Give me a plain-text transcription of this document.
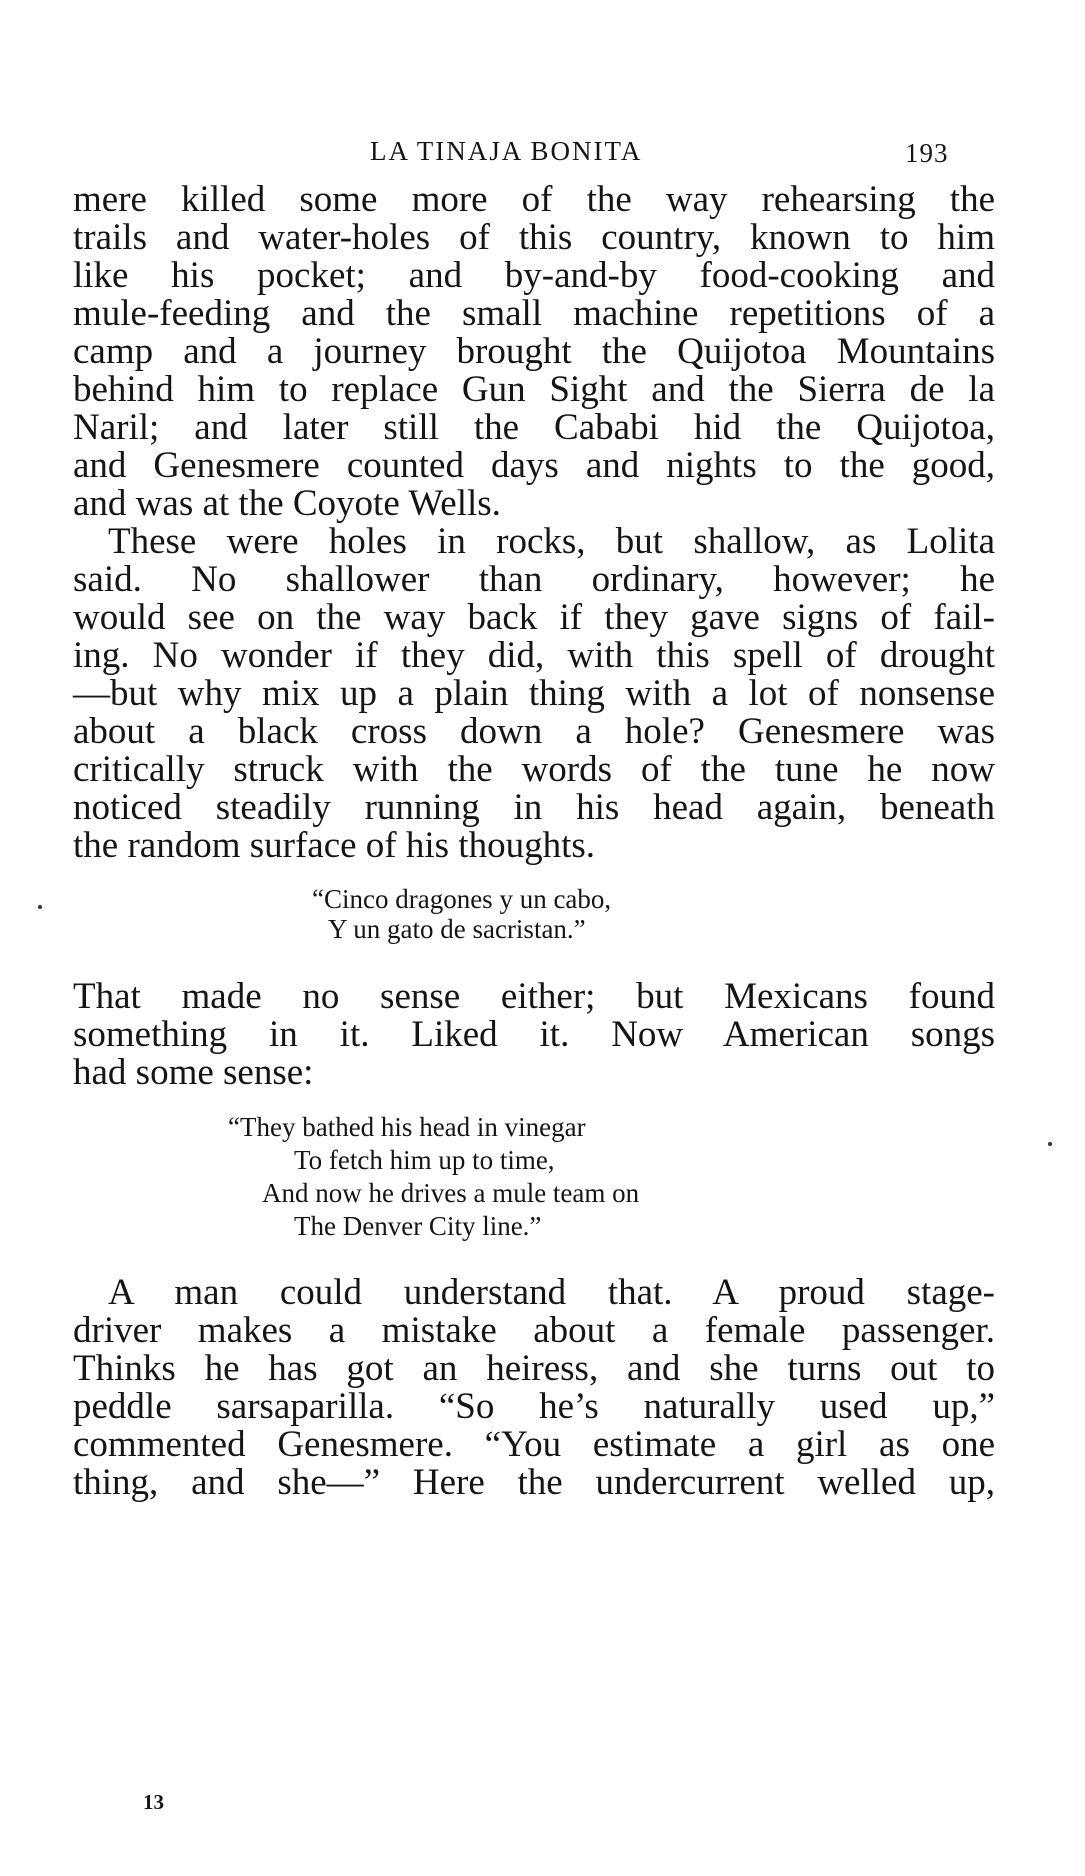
LA TINAJA BONITA	193
mere killed some more of the way rehearsing the
trails and water-holes of this country, known to him
like his pocket; and by-and-by food-cooking and
mule-feeding and the small machine repetitions of a
camp and a journey brought the Quijotoa Mountains
behind him to replace Gun Sight and the Sierra de la
Naril; and later still the Cababi hid the Quijotoa,
and Genesmere counted days and nights to the good,
and was at the Coyote Wells.
These were holes in rocks, but shallow, as Lolita
said. No shallower than ordinary, however; he
would see on the way back if they gave signs of fail-
ing. No wonder if they did, with this spell of drought
—but why mix up a plain thing with a lot of nonsense
about a black cross down a hole? Genesmere was
critically struck with the words of the tune he now
noticed steadily running in his head again, beneath
the random surface of his thoughts.
“Cinco dragones y un cabo,
Y un gato de sacristan.”
That made no sense either; but Mexicans found
something in it. Liked it. Now American songs
had some sense:
“They bathed his head in vinegar
To fetch him up to time,
And now he drives a mule team on
The Denver City line.”
A man could understand that. A proud stage-
driver makes a mistake about a female passenger.
Thinks he has got an heiress, and she turns out to
peddle sarsaparilla. “So he’s naturally used up,”
commented Genesmere. “You estimate a girl as one
thing, and she—” Here the undercurrent welled up,
13
